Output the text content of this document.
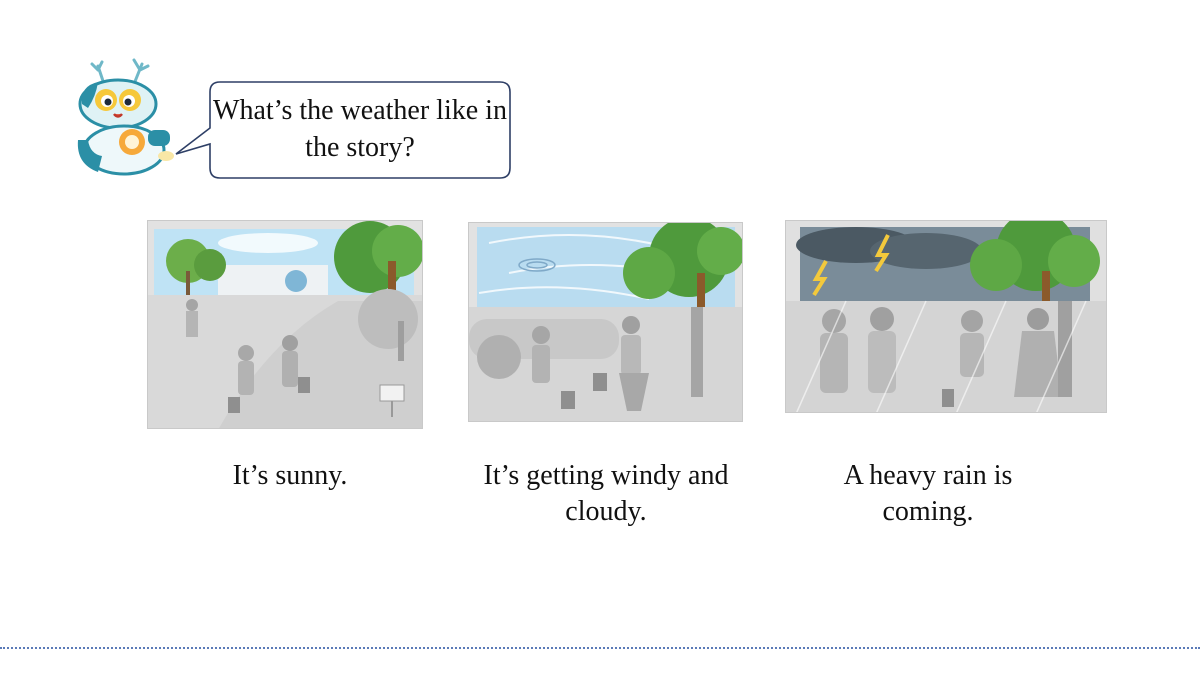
What’s the weather like in the story?
It’s sunny.	It’s getting windy and cloudy.
A heavy rain is coming.
